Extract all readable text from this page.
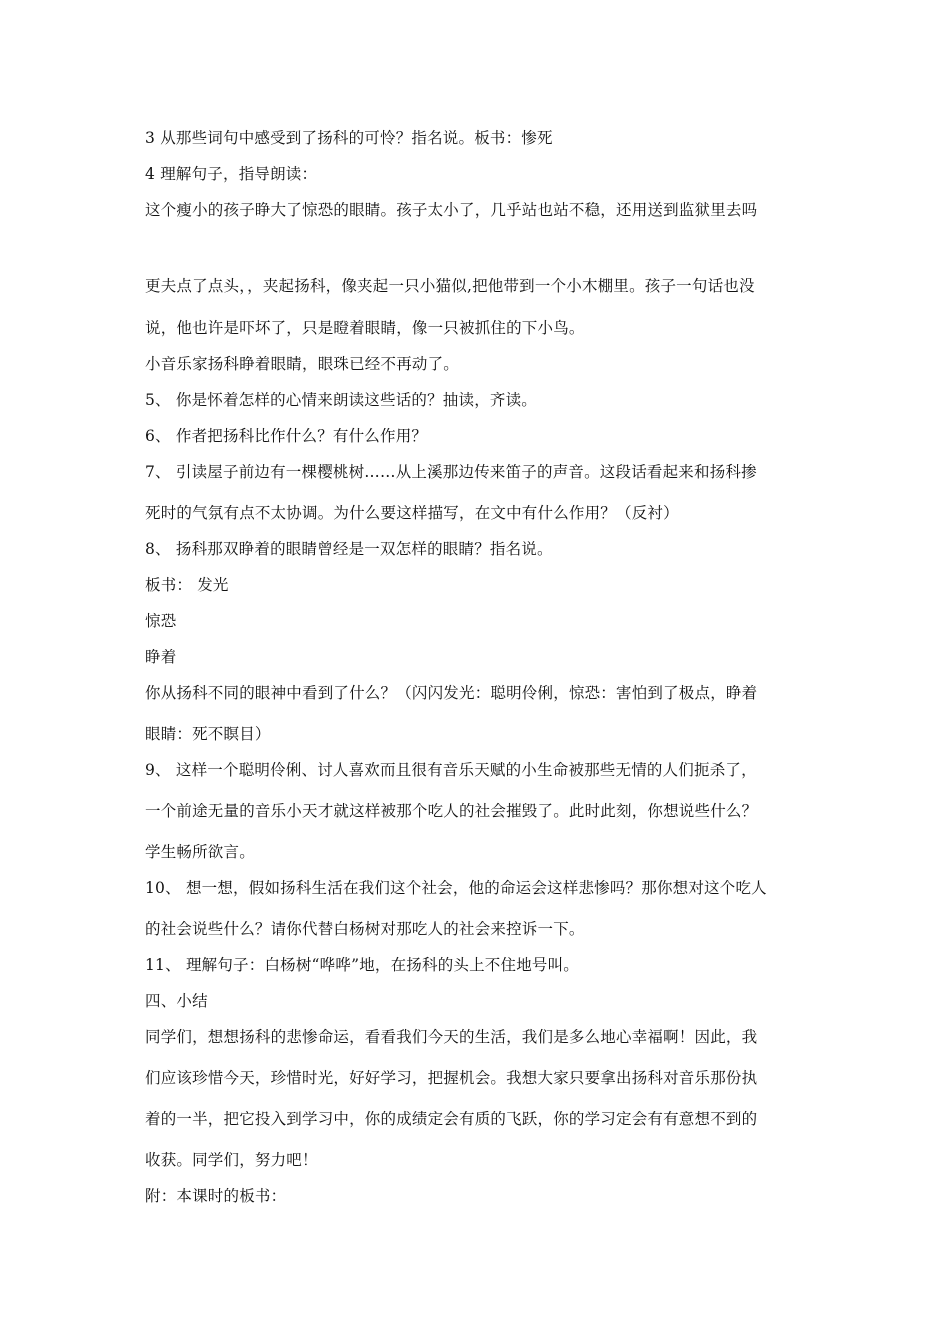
3 从那些词句中感受到了扬科的可怜？指名说。板书：惨死
4 理解句子，指导朗读：
这个瘦小的孩子睁大了惊恐的眼睛。孩子太小了，几乎站也站不稳，还用送到监狱里去吗
更夫点了点头，，夹起扬科，像夹起一只小猫似,把他带到一个小木棚里。孩子一句话也没
说，他也许是吓坏了，只是瞪着眼睛，像一只被抓住的下小鸟。
小音乐家扬科睁着眼睛，眼珠已经不再动了。
5、 你是怀着怎样的心情来朗读这些话的？抽读，齐读。
6、 作者把扬科比作什么？有什么作用？
7、 引读屋子前边有一棵樱桃树……从上溪那边传来笛子的声音。这段话看起来和扬科掺
死时的气氛有点不太协调。为什么要这样描写，在文中有什么作用？（反衬）
8、 扬科那双睁着的眼睛曾经是一双怎样的眼睛？指名说。
板书： 发光
惊恐
睁着
你从扬科不同的眼神中看到了什么？（闪闪发光：聪明伶俐，惊恐：害怕到了极点，睁着
眼睛：死不瞑目）
9、 这样一个聪明伶俐、讨人喜欢而且很有音乐天赋的小生命被那些无情的人们扼杀了，
一个前途无量的音乐小天才就这样被那个吃人的社会摧毁了。此时此刻，你想说些什么？
学生畅所欲言。
10、 想一想，假如扬科生活在我们这个社会，他的命运会这样悲惨吗？那你想对这个吃人
的社会说些什么？请你代替白杨树对那吃人的社会来控诉一下。
11、 理解句子：白杨树“哗哗”地，在扬科的头上不住地号叫。
四、小结
同学们，想想扬科的悲惨命运，看看我们今天的生活，我们是多么地心幸福啊！因此，我
们应该珍惜今天，珍惜时光，好好学习，把握机会。我想大家只要拿出扬科对音乐那份执
着的一半，把它投入到学习中，你的成绩定会有质的飞跃，你的学习定会有有意想不到的
收获。同学们，努力吧！
附：本课时的板书：
